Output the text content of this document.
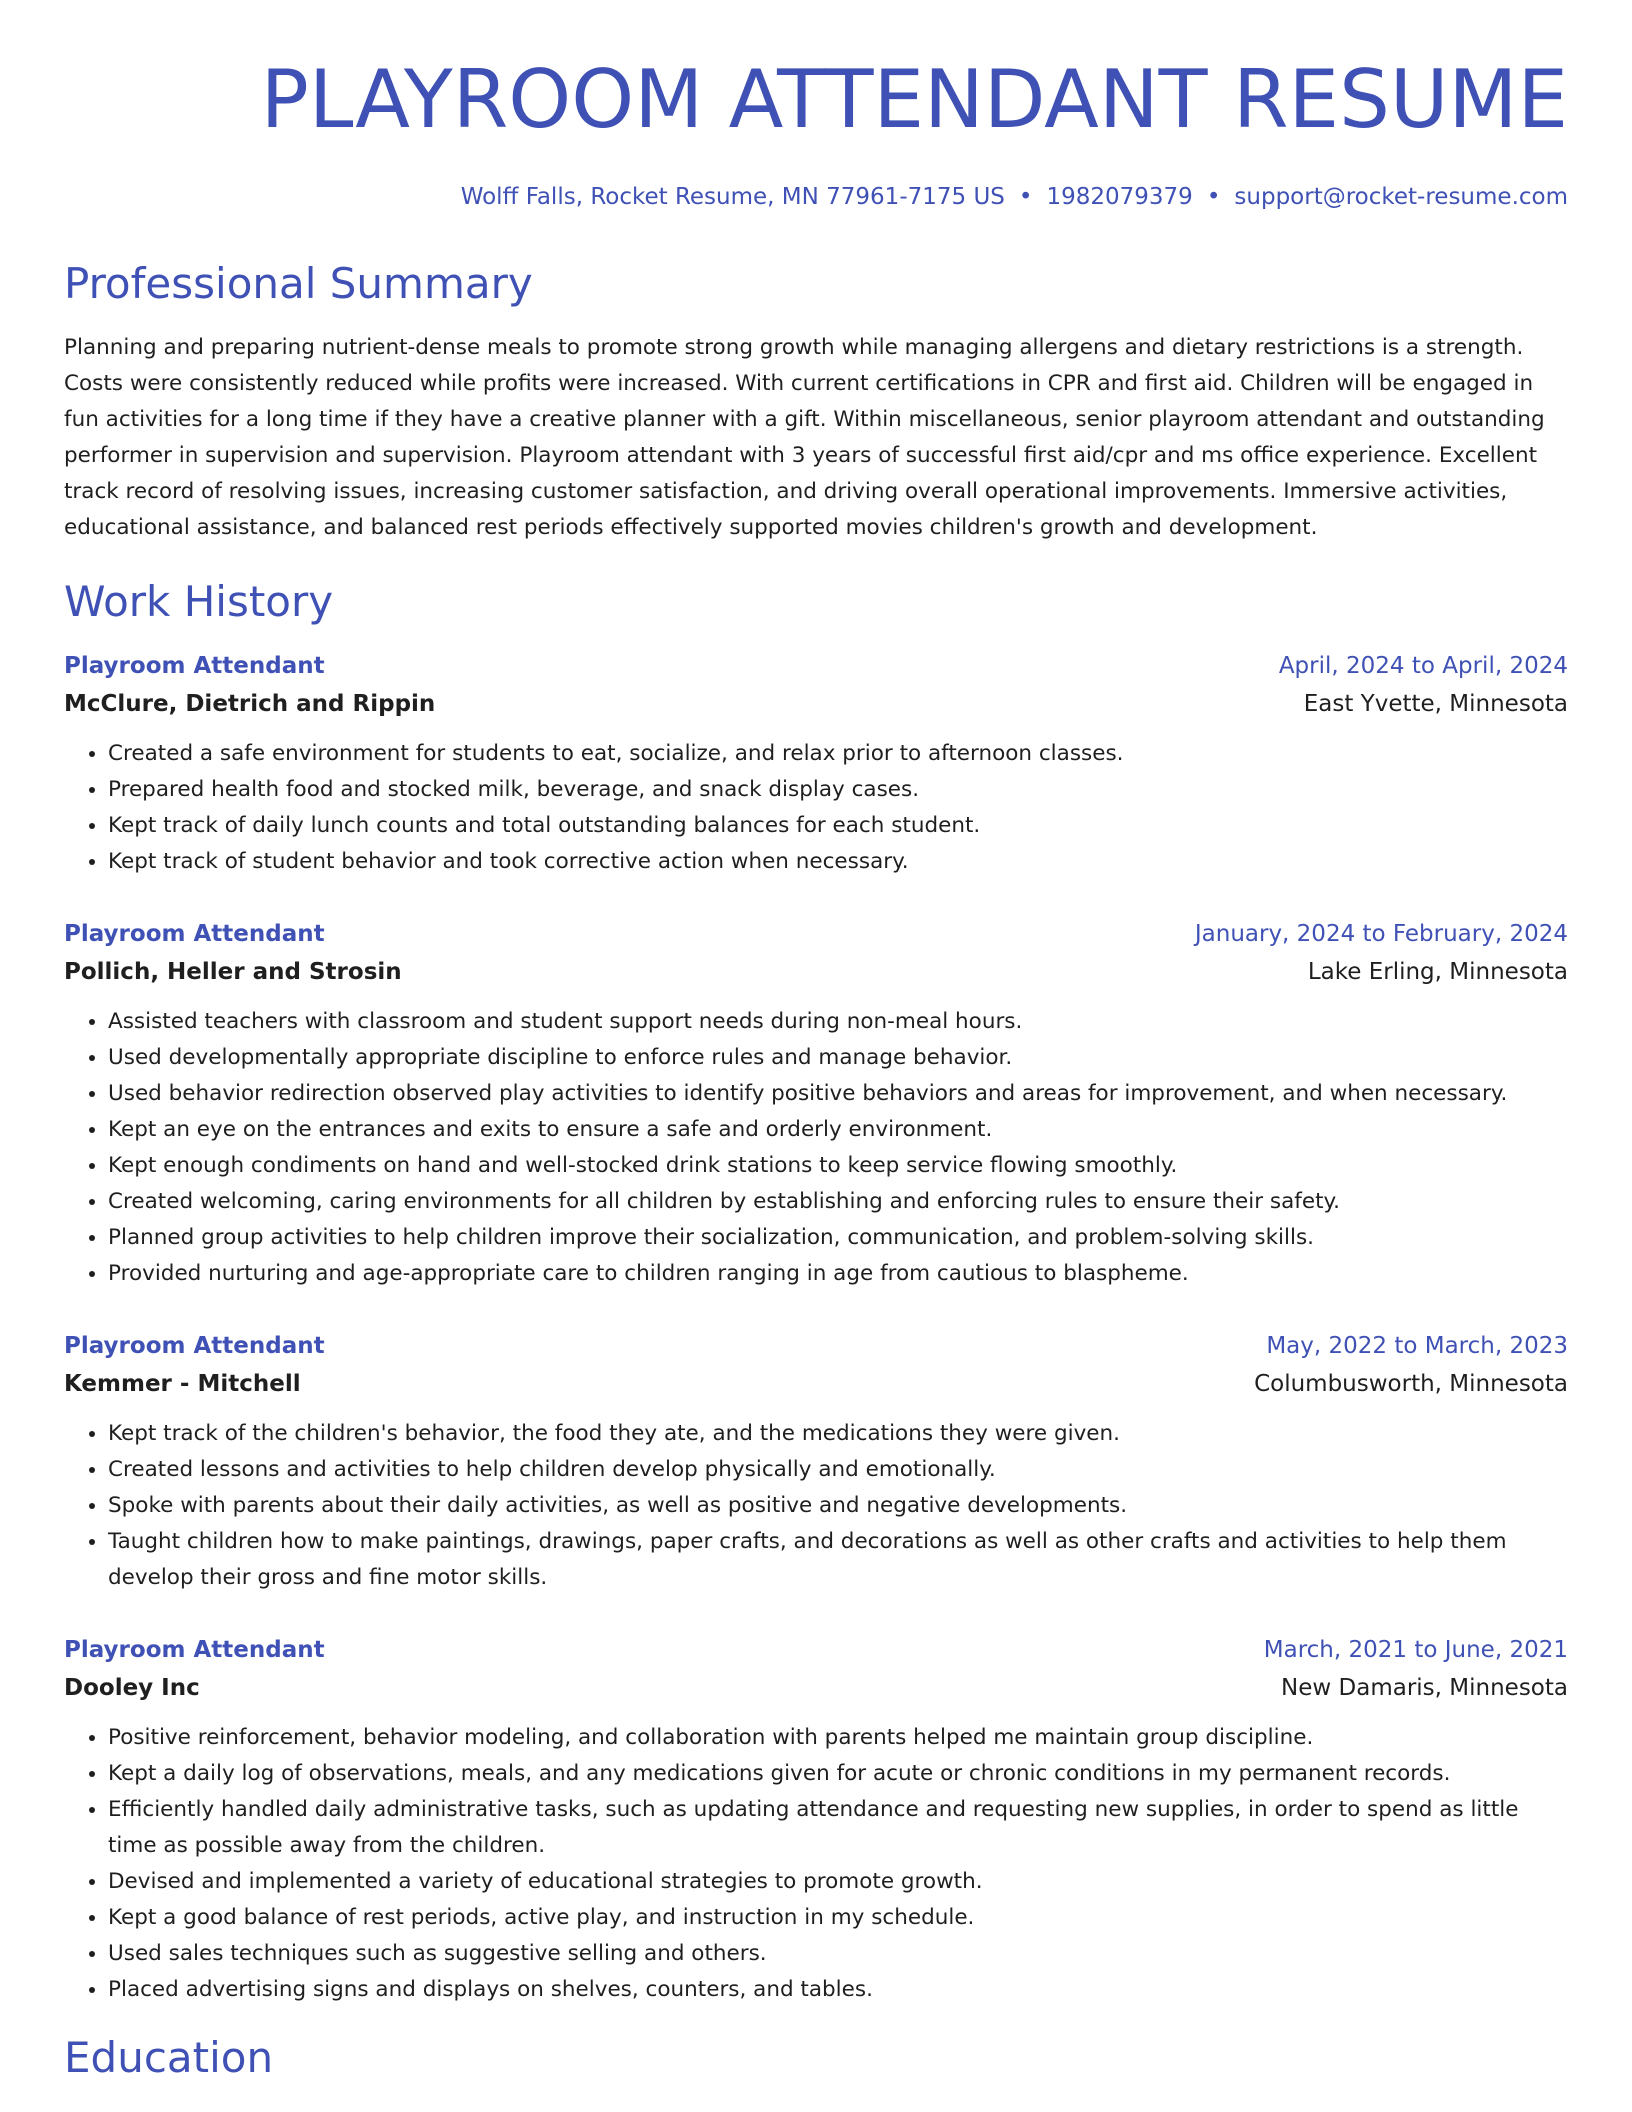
PLAYROOM ATTENDANT RESUME
Wolff Falls, Rocket Resume, MN 77961-7175 US • 1982079379 • support@rocket-resume.com
Professional Summary
Planning and preparing nutrient-dense meals to promote strong growth while managing allergens and dietary restrictions is a strength. Costs were consistently reduced while profits were increased. With current certifications in CPR and first aid. Children will be engaged in fun activities for a long time if they have a creative planner with a gift. Within miscellaneous, senior playroom attendant and outstanding performer in supervision and supervision. Playroom attendant with 3 years of successful first aid/cpr and ms office experience. Excellent track record of resolving issues, increasing customer satisfaction, and driving overall operational improvements. Immersive activities, educational assistance, and balanced rest periods effectively supported movies children's growth and development.
Work History
Playroom Attendant	April, 2024 to April, 2024
McClure, Dietrich and Rippin	East Yvette, Minnesota
• Created a safe environment for students to eat, socialize, and relax prior to afternoon classes.
• Prepared health food and stocked milk, beverage, and snack display cases.
• Kept track of daily lunch counts and total outstanding balances for each student.
• Kept track of student behavior and took corrective action when necessary.
Playroom Attendant	January, 2024 to February, 2024
Pollich, Heller and Strosin	Lake Erling, Minnesota
• Assisted teachers with classroom and student support needs during non-meal hours.
• Used developmentally appropriate discipline to enforce rules and manage behavior.
• Used behavior redirection observed play activities to identify positive behaviors and areas for improvement, and when necessary.
• Kept an eye on the entrances and exits to ensure a safe and orderly environment.
• Kept enough condiments on hand and well-stocked drink stations to keep service flowing smoothly.
• Created welcoming, caring environments for all children by establishing and enforcing rules to ensure their safety.
• Planned group activities to help children improve their socialization, communication, and problem-solving skills.
• Provided nurturing and age-appropriate care to children ranging in age from cautious to blaspheme.
Playroom Attendant	May, 2022 to March, 2023
Kemmer - Mitchell	Columbusworth, Minnesota
• Kept track of the children's behavior, the food they ate, and the medications they were given.
• Created lessons and activities to help children develop physically and emotionally.
• Spoke with parents about their daily activities, as well as positive and negative developments.
• Taught children how to make paintings, drawings, paper crafts, and decorations as well as other crafts and activities to help them develop their gross and fine motor skills.
Playroom Attendant	March, 2021 to June, 2021
Dooley Inc	New Damaris, Minnesota
• Positive reinforcement, behavior modeling, and collaboration with parents helped me maintain group discipline.
• Kept a daily log of observations, meals, and any medications given for acute or chronic conditions in my permanent records.
• Efficiently handled daily administrative tasks, such as updating attendance and requesting new supplies, in order to spend as little time as possible away from the children.
• Devised and implemented a variety of educational strategies to promote growth.
• Kept a good balance of rest periods, active play, and instruction in my schedule.
• Used sales techniques such as suggestive selling and others.
• Placed advertising signs and displays on shelves, counters, and tables.
Education
